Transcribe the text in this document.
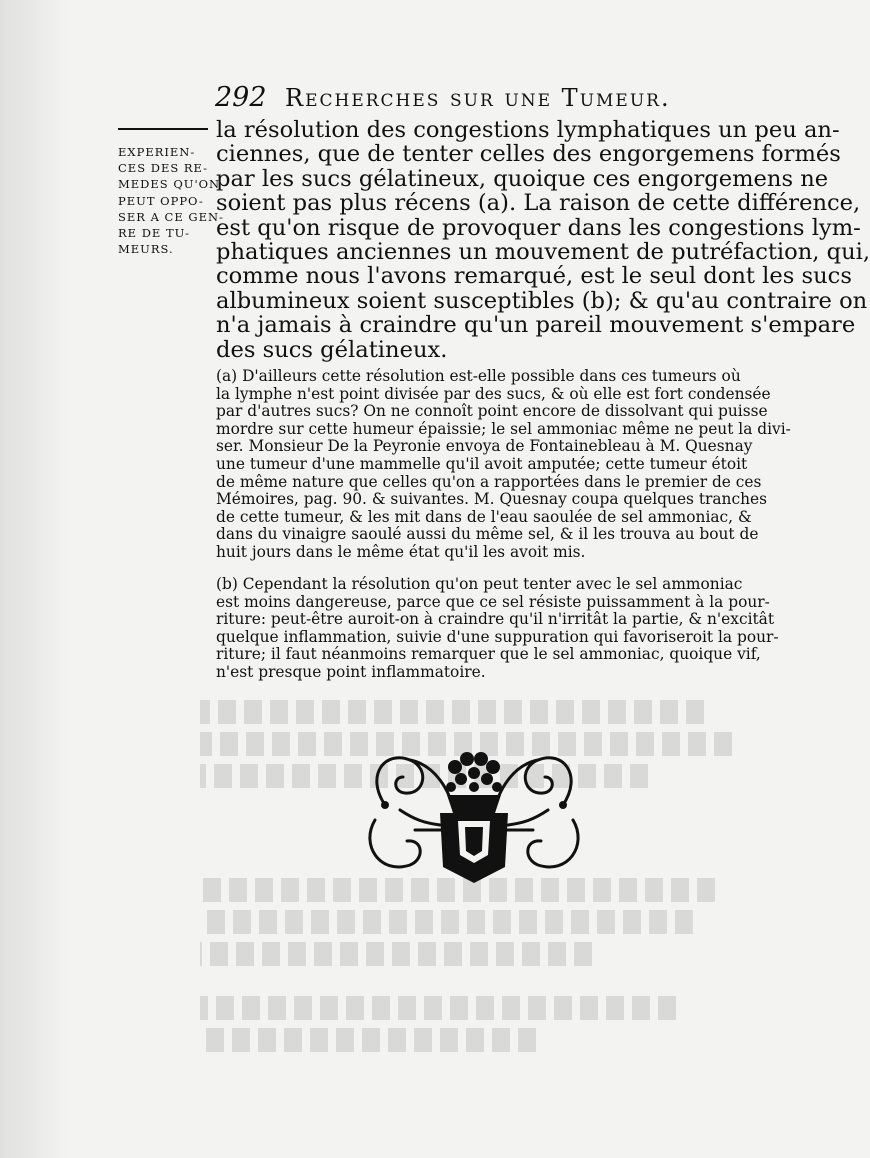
292 Recherches sur une Tumeur.
EXPERIEN-
CES DES RE-
MEDES QU'ON
PEUT OPPO-
SER A CE GEN-
RE DE TU-
MEURS.
la résolution des congestions lymphatiques un peu an-
ciennes, que de tenter celles des engorgemens formés
par les sucs gélatineux, quoique ces engorgemens ne
soient pas plus récens (a). La raison de cette différence,
est qu'on risque de provoquer dans les congestions lym-
phatiques anciennes un mouvement de putréfaction, qui,
comme nous l'avons remarqué, est le seul dont les sucs
albumineux soient susceptibles (b); & qu'au contraire on
n'a jamais à craindre qu'un pareil mouvement s'empare
des sucs gélatineux.
(a) D'ailleurs cette résolution est-elle possible dans ces tumeurs où
la lymphe n'est point divisée par des sucs, & où elle est fort condensée
par d'autres sucs? On ne connoît point encore de dissolvant qui puisse
mordre sur cette humeur épaissie; le sel ammoniac même ne peut la divi-
ser. Monsieur De la Peyronie envoya de Fontainebleau à M. Quesnay
une tumeur d'une mammelle qu'il avoit amputée; cette tumeur étoit
de même nature que celles qu'on a rapportées dans le premier de ces
Mémoires, pag. 90. & suivantes. M. Quesnay coupa quelques tranches
de cette tumeur, & les mit dans de l'eau saoulée de sel ammoniac, &
dans du vinaigre saoulé aussi du même sel, & il les trouva au bout de
huit jours dans le même état qu'il les avoit mis.
(b) Cependant la résolution qu'on peut tenter avec le sel ammoniac
est moins dangereuse, parce que ce sel résiste puissamment à la pour-
riture: peut-être auroit-on à craindre qu'il n'irritât la partie, & n'excitât
quelque inflammation, suivie d'une suppuration qui favoriseroit la pour-
riture; il faut néanmoins remarquer que le sel ammoniac, quoique vif,
n'est presque point inflammatoire.
